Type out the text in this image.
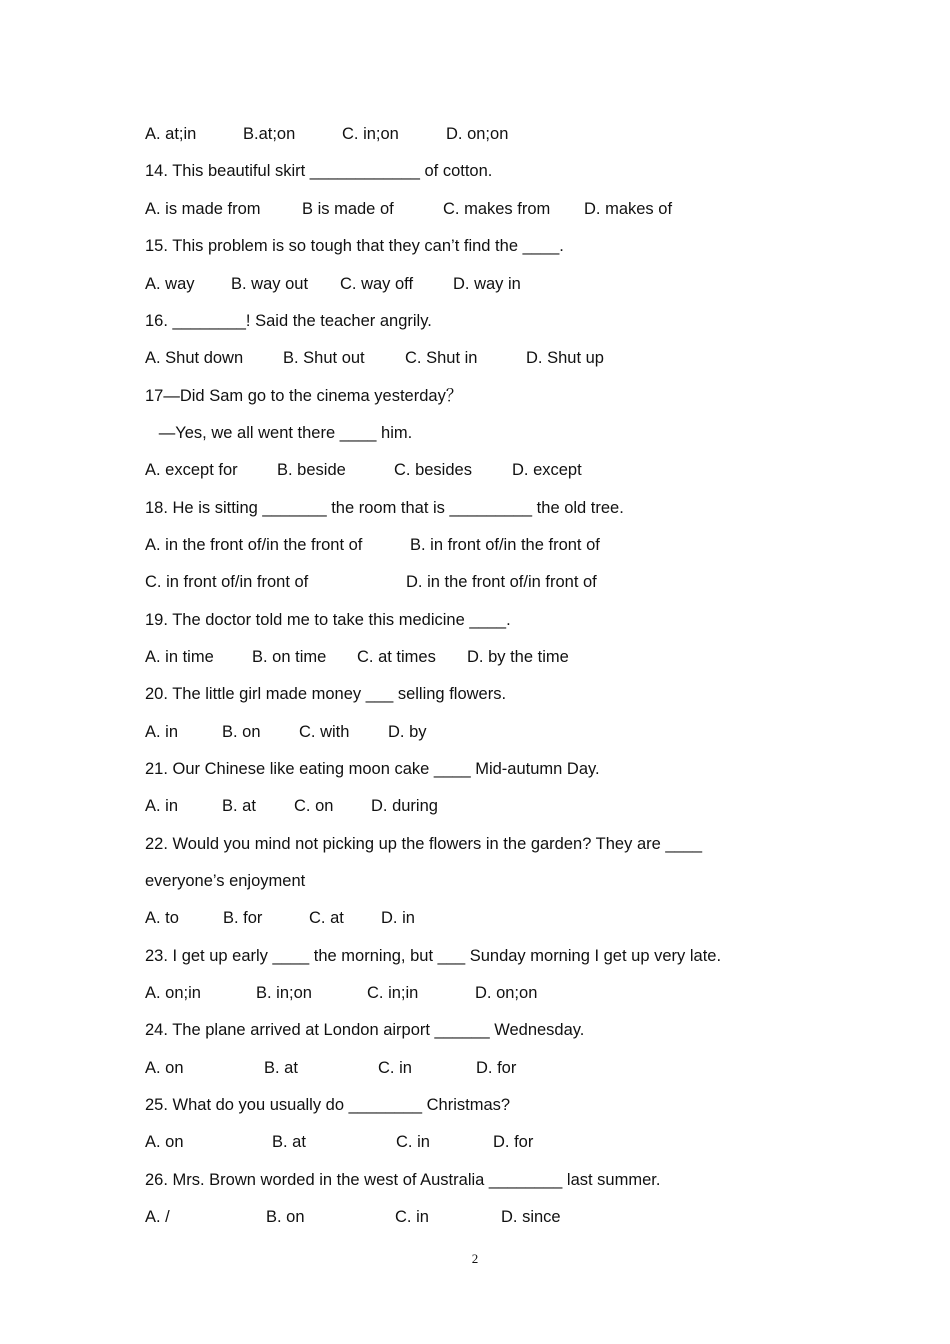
A. at;in	B.at;on	C. in;on	D. on;on
14. This beautiful skirt ____________ of cotton.
A. is made from	B is made of	C. makes from D. makes of
15. This problem is so tough that they can’t find the ____.
A. way B. way out C. way off D. way in
16. ________! Said the teacher angrily.
A. Shut down B. Shut out C. Shut in	D. Shut up
17—Did Sam go to the cinema yesterday？
—Yes, we all went there ____ him.
A. except for B. beside	C. besides D. except
18. He is sitting _______ the room that is _________ the old tree.
A. in the front of/in the front of	B. in front of/in the front of
C. in front of/in front of	D. in the front of/in front of
19. The doctor told me to take this medicine ____.
A. in time B. on time C. at times D. by the time
20. The little girl made money ___ selling flowers.
A. in	B. on C. with D. by
21. Our Chinese like eating moon cake ____ Mid-autumn Day.
A. in	B. at C. on D. during
22. Would you mind not picking up the flowers in the garden? They are ____
everyone’s enjoyment
A. to	B. for	C. at D. in
23. I get up early ____ the morning, but ___ Sunday morning I get up very late.
A. on;in	B. in;on	C. in;in	D. on;on
24. The plane arrived at London airport ______ Wednesday.
A. on	B. at	C. in	D. for
25. What do you usually do ________ Christmas?
A. on	B. at	C. in	D. for
26. Mrs. Brown worded in the west of Australia ________ last summer.
A. /	B. on	C. in	D. since
2
